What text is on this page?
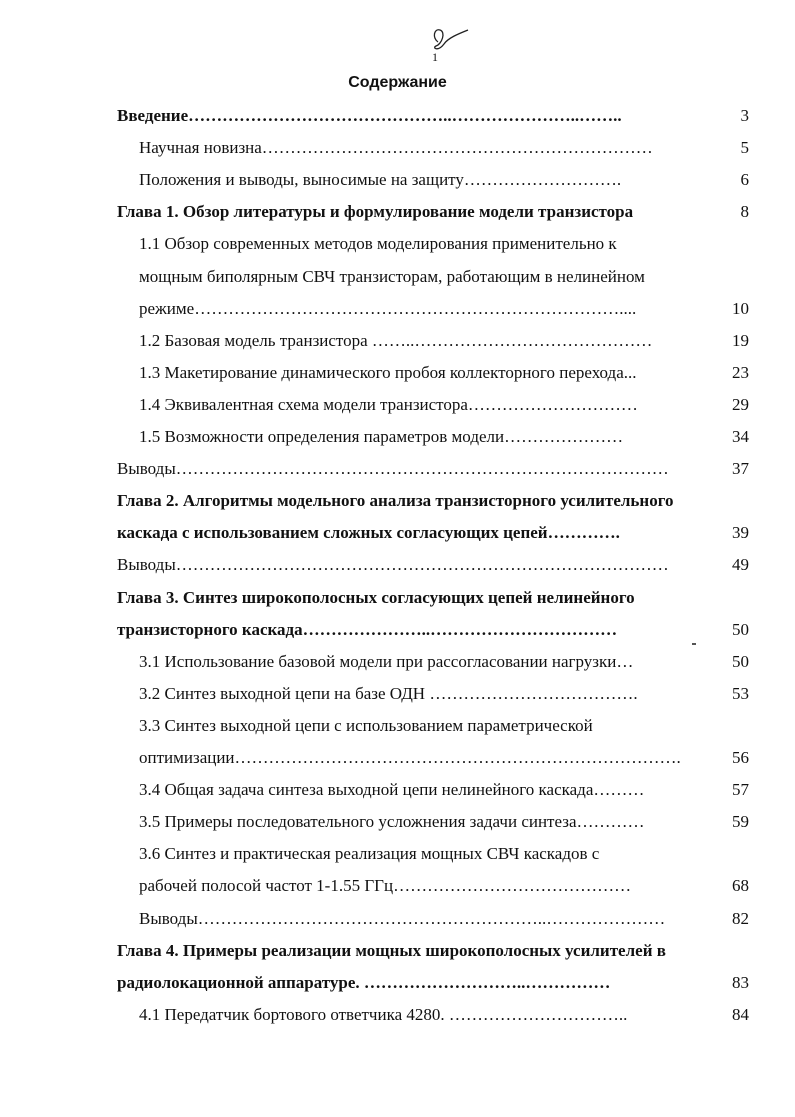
1
Содержание
Введение………………………………………..…………………..……..	3
Научная новизна……………………………………………………………	5
Положения и выводы, выносимые на защиту……………………….	6
Глава 1. Обзор литературы и формулирование модели транзистора	8
1.1 Обзор современных методов моделирования применительно к
мощным биполярным СВЧ транзисторам, работающим в нелинейном
режиме…………………………………………………………………....	10
1.2 Базовая модель транзистора ……..……………………………………	19
1.3 Макетирование динамического пробоя коллекторного перехода...	23
1.4 Эквивалентная схема модели транзистора…………………………	29
1.5 Возможности определения параметров модели…………………	34
Выводы……………………………………………………………………………	37
Глава 2. Алгоритмы модельного анализа транзисторного усилительного
каскада с использованием сложных согласующих цепей………….	39
Выводы……………………………………………………………………………	49
Глава 3. Синтез широкополосных согласующих цепей нелинейного
транзисторного каскада…………………..……………………………	50
3.1 Использование базовой модели при рассогласовании нагрузки…	50
3.2 Синтез выходной цепи на базе ОДН ……………………………….	53
3.3 Синтез выходной цепи с использованием параметрической
оптимизации…………………………………………………………………….	56
3.4 Общая задача синтеза выходной цепи нелинейного каскада………	57
3.5 Примеры последовательного усложнения задачи синтеза…………	59
3.6 Синтез и практическая реализация мощных СВЧ каскадов с
рабочей полосой частот 1-1.55 ГГц……………………………………	68
Выводы……………………………………………………..…………………	82
Глава 4. Примеры реализации мощных широкополосных усилителей в
радиолокационной аппаратуре. ………………………..……………	83
4.1 Передатчик бортового ответчика 4280. …………………………..	84
